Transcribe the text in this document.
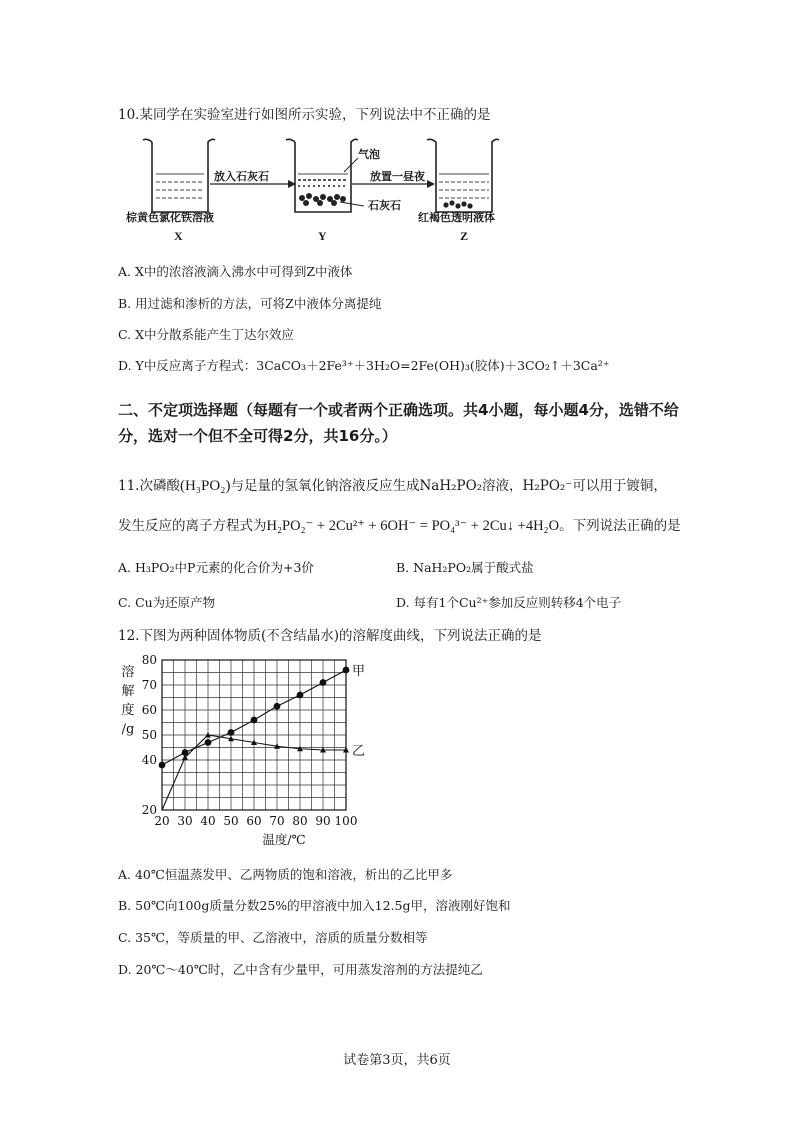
10.某同学在实验室进行如图所示实验，下列说法中不正确的是
放入石灰石	放置一昼夜
气泡
石灰石
棕黄色氯化铁溶液	红褐色透明液体
X	Y	Z
A. X中的浓溶液滴入沸水中可得到Z中液体
B. 用过滤和渗析的方法，可将Z中液体分离提纯
C. X中分散系能产生丁达尔效应
D. Y中反应离子方程式：3CaCO₃＋2Fe³⁺＋3H₂O=2Fe(OH)₃(胶体)＋3CO₂↑＋3Ca²⁺
二、不定项选择题（每题有一个或者两个正确选项。共4小题，每小题4分，选错不给分，选对一个但不全可得2分，共16分。）
11.次磷酸(H₃PO₂)与足量的氢氧化钠溶液反应生成NaH₂PO₂溶液，H₂PO₂⁻可以用于镀铜，
发生反应的离子方程式为H₂PO₂⁻ + 2Cu²⁺ + 6OH⁻ = PO₄³⁻ + 2Cu↓ +4H₂O。下列说法正确的是
A. H₃PO₂中P元素的化合价为+3价	B. NaH₂PO₂属于酸式盐
C. Cu为还原产物	D. 每有1个Cu²⁺参加反应则转移4个电子
12.下图为两种固体物质(不含结晶水)的溶解度曲线，下列说法正确的是
20 30 40 50 60 70 80 90 100
20
40
50
60
70
80
溶
解
度
/g
温度/℃
甲
乙
A. 40℃恒温蒸发甲、乙两物质的饱和溶液，析出的乙比甲多
B. 50℃向100g质量分数25%的甲溶液中加入12.5g甲，溶液刚好饱和
C. 35℃，等质量的甲、乙溶液中，溶质的质量分数相等
D. 20℃～40℃时，乙中含有少量甲，可用蒸发溶剂的方法提纯乙
试卷第3页，共6页
